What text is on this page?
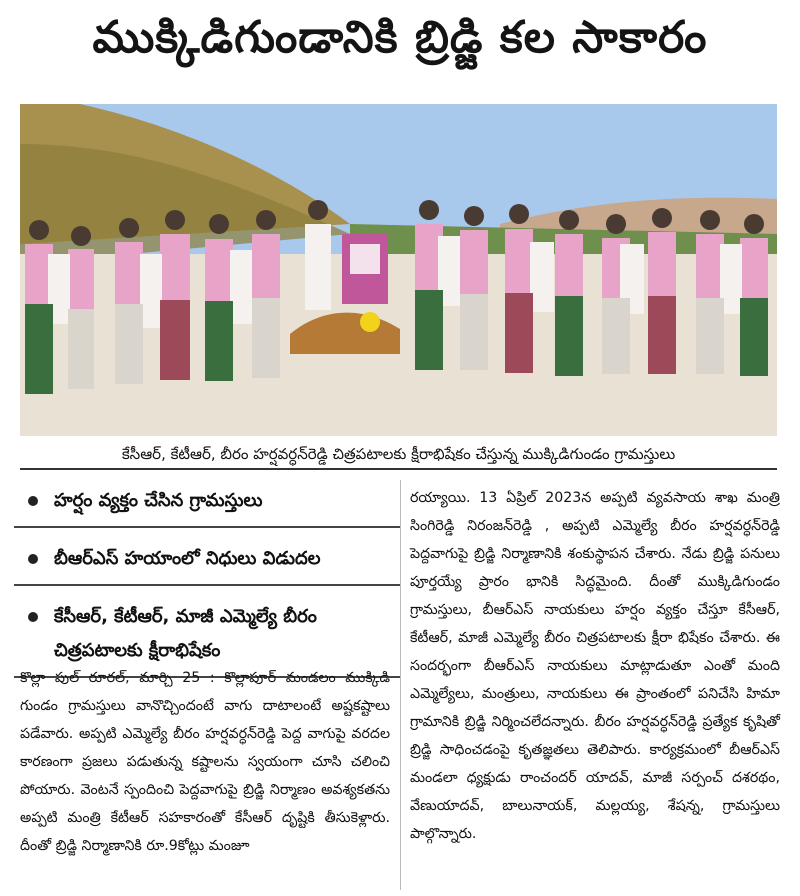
ముక్కిడిగుండానికి బ్రిడ్జి కల సాకారం
కేసీఆర్, కేటీఆర్, బీరం హర్షవర్ధన్‌రెడ్డి చిత్రపటాలకు క్షీరాభిషేకం చేస్తున్న ముక్కిడిగుండం గ్రామస్తులు
హర్షం వ్యక్తం చేసిన గ్రామస్తులు
బీఆర్ఎస్ హయాంలో నిధులు విడుదల
కేసీఆర్, కేటీఆర్, మాజీ ఎమ్మెల్యే బీరం చిత్రపటాలకు క్షీరాభిషేకం
కొల్లా పుల్ రూరల్, మార్చి 25 : కొల్లాపూర్ మండలం ముక్కిడి గుండం గ్రామస్తులు వానొచ్చిందంటే వాగు దాటాలంటే అష్టకష్టాలు పడేవారు. అప్పటి ఎమ్మెల్యే బీరం హర్షవర్ధన్‌రెడ్డి పెద్ద వాగుపై వరదల కారణంగా ప్రజలు పడుతున్న కష్టాలను స్వయంగా చూసి చలించి పోయారు. వెంటనే స్పందించి పెద్దవాగుపై బ్రిడ్జి నిర్మాణం అవశ్యకతను అప్పటి మంత్రి కేటీఆర్ సహకారంతో కేసీఆర్ దృష్టికి తీసుకెళ్లారు. దీంతో బ్రిడ్జి నిర్మాణానికి రూ.9కోట్లు మంజూ
రయ్యాయి. 13 ఏప్రిల్ 2023న అప్పటి వ్యవసాయ శాఖ మంత్రి సింగిరెడ్డి నిరంజన్‌రెడ్డి , అప్పటి ఎమ్మెల్యే బీరం హర్షవర్ధన్‌రెడ్డి పెద్దవాగుపై బ్రిడ్జి నిర్మాణానికి శంకుస్థాపన చేశారు. నేడు బ్రిడ్జి పనులు పూర్తయ్యే ప్రారం భానికి సిద్ధమైంది. దీంతో ముక్కిడిగుండం గ్రామస్తులు, బీఆర్ఎస్ నాయకులు హర్షం వ్యక్తం చేస్తూ కేసీఆర్, కేటీఆర్, మాజీ ఎమ్మెల్యే బీరం చిత్రపటాలకు క్షీరా భిషేకం చేశారు. ఈ సందర్భంగా బీఆర్ఎస్ నాయకులు మాట్లాడుతూ ఎంతో మంది ఎమ్మెల్యేలు, మంత్రులు, నాయకులు ఈ ప్రాంతంలో పనిచేసి హిమా గ్రామానికి బ్రిడ్జి నిర్మించలేదన్నారు. బీరం హర్షవర్ధన్‌రెడ్డి ప్రత్యేక కృషితో బ్రిడ్జి సాధించడంపై కృతజ్ఞతలు తెలిపారు. కార్యక్రమంలో బీఆర్ఎస్ మండలా ధ్యక్షుడు రాంచందర్ యాదవ్, మాజీ సర్పంచ్ దశరథం, వేణుయాదవ్, బాలునాయక్, మల్లయ్య, శేషన్న, గ్రామస్తులు పాల్గొన్నారు.
